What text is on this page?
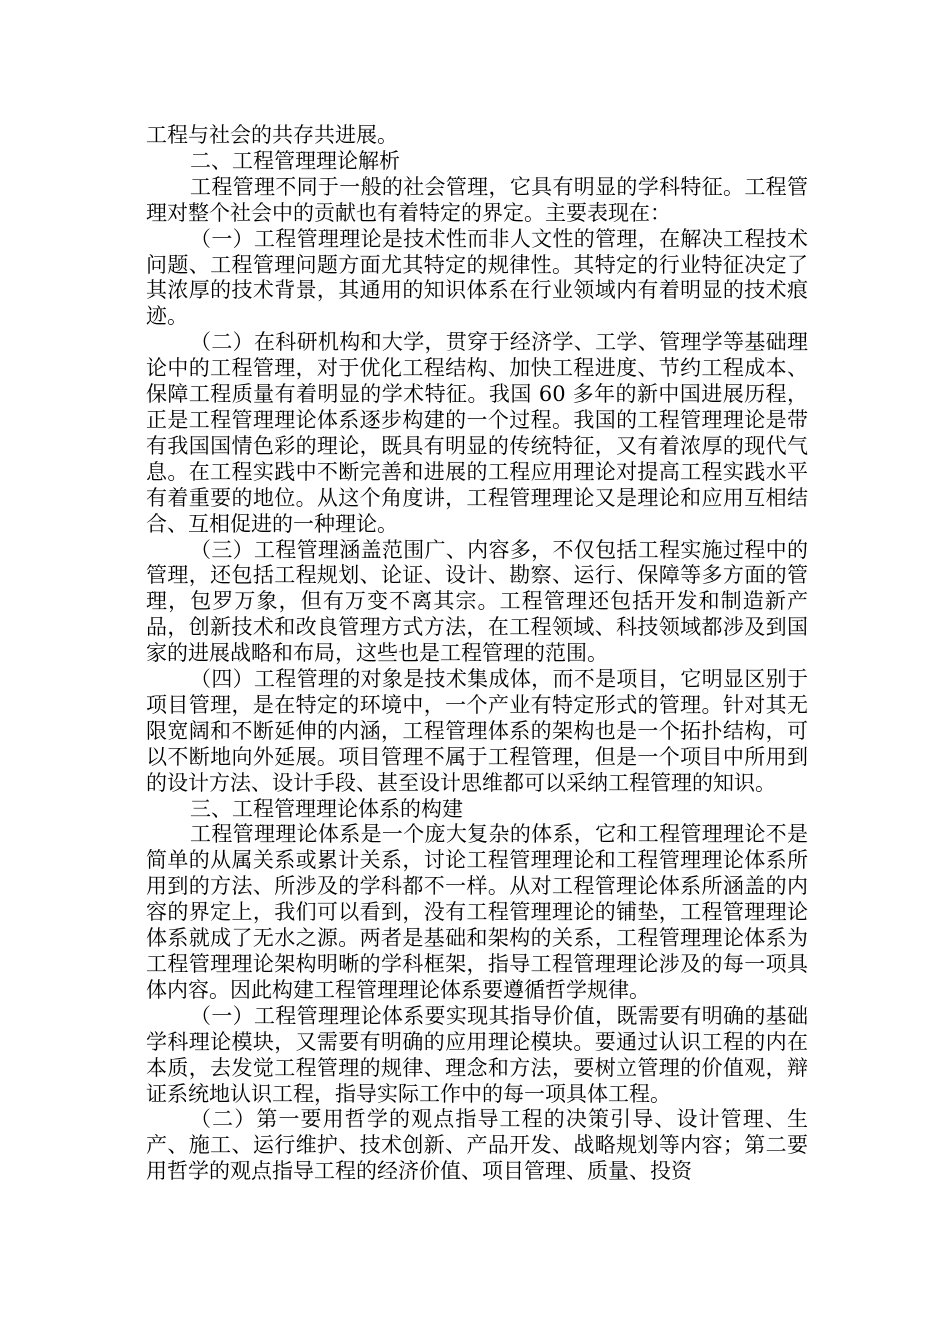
工程与社会的共存共进展。

二、工程管理理论解析

工程管理不同于一般的社会管理，它具有明显的学科特征。工程管理对整个社会中的贡献也有着特定的界定。主要表现在：

（一）工程管理理论是技术性而非人文性的管理，在解决工程技术问题、工程管理问题方面尤其特定的规律性。其特定的行业特征决定了其浓厚的技术背景，其通用的知识体系在行业领域内有着明显的技术痕迹。

（二）在科研机构和大学，贯穿于经济学、工学、管理学等基础理论中的工程管理，对于优化工程结构、加快工程进度、节约工程成本、保障工程质量有着明显的学术特征。我国 60 多年的新中国进展历程，正是工程管理理论体系逐步构建的一个过程。我国的工程管理理论是带有我国国情色彩的理论，既具有明显的传统特征，又有着浓厚的现代气息。在工程实践中不断完善和进展的工程应用理论对提高工程实践水平有着重要的地位。从这个角度讲，工程管理理论又是理论和应用互相结合、互相促进的一种理论。

（三）工程管理涵盖范围广、内容多，不仅包括工程实施过程中的管理，还包括工程规划、论证、设计、勘察、运行、保障等多方面的管理，包罗万象，但有万变不离其宗。工程管理还包括开发和制造新产品，创新技术和改良管理方式方法，在工程领域、科技领域都涉及到国家的进展战略和布局，这些也是工程管理的范围。

（四）工程管理的对象是技术集成体，而不是项目，它明显区别于项目管理，是在特定的环境中，一个产业有特定形式的管理。针对其无限宽阔和不断延伸的内涵，工程管理体系的架构也是一个拓扑结构，可以不断地向外延展。项目管理不属于工程管理，但是一个项目中所用到的设计方法、设计手段、甚至设计思维都可以采纳工程管理的知识。

三、工程管理理论体系的构建

工程管理理论体系是一个庞大复杂的体系，它和工程管理理论不是简单的从属关系或累计关系，讨论工程管理理论和工程管理理论体系所用到的方法、所涉及的学科都不一样。从对工程管理论体系所涵盖的内容的界定上，我们可以看到，没有工程管理理论的铺垫，工程管理理论体系就成了无水之源。两者是基础和架构的关系，工程管理理论体系为工程管理理论架构明晰的学科框架，指导工程管理理论涉及的每一项具体内容。因此构建工程管理理论体系要遵循哲学规律。

（一）工程管理理论体系要实现其指导价值，既需要有明确的基础学科理论模块，又需要有明确的应用理论模块。要通过认识工程的内在本质，去发觉工程管理的规律、理念和方法，要树立管理的价值观，辩证系统地认识工程，指导实际工作中的每一项具体工程。

（二）第一要用哲学的观点指导工程的决策引导、设计管理、生产、施工、运行维护、技术创新、产品开发、战略规划等内容；第二要用哲学的观点指导工程的经济价值、项目管理、质量、投资
